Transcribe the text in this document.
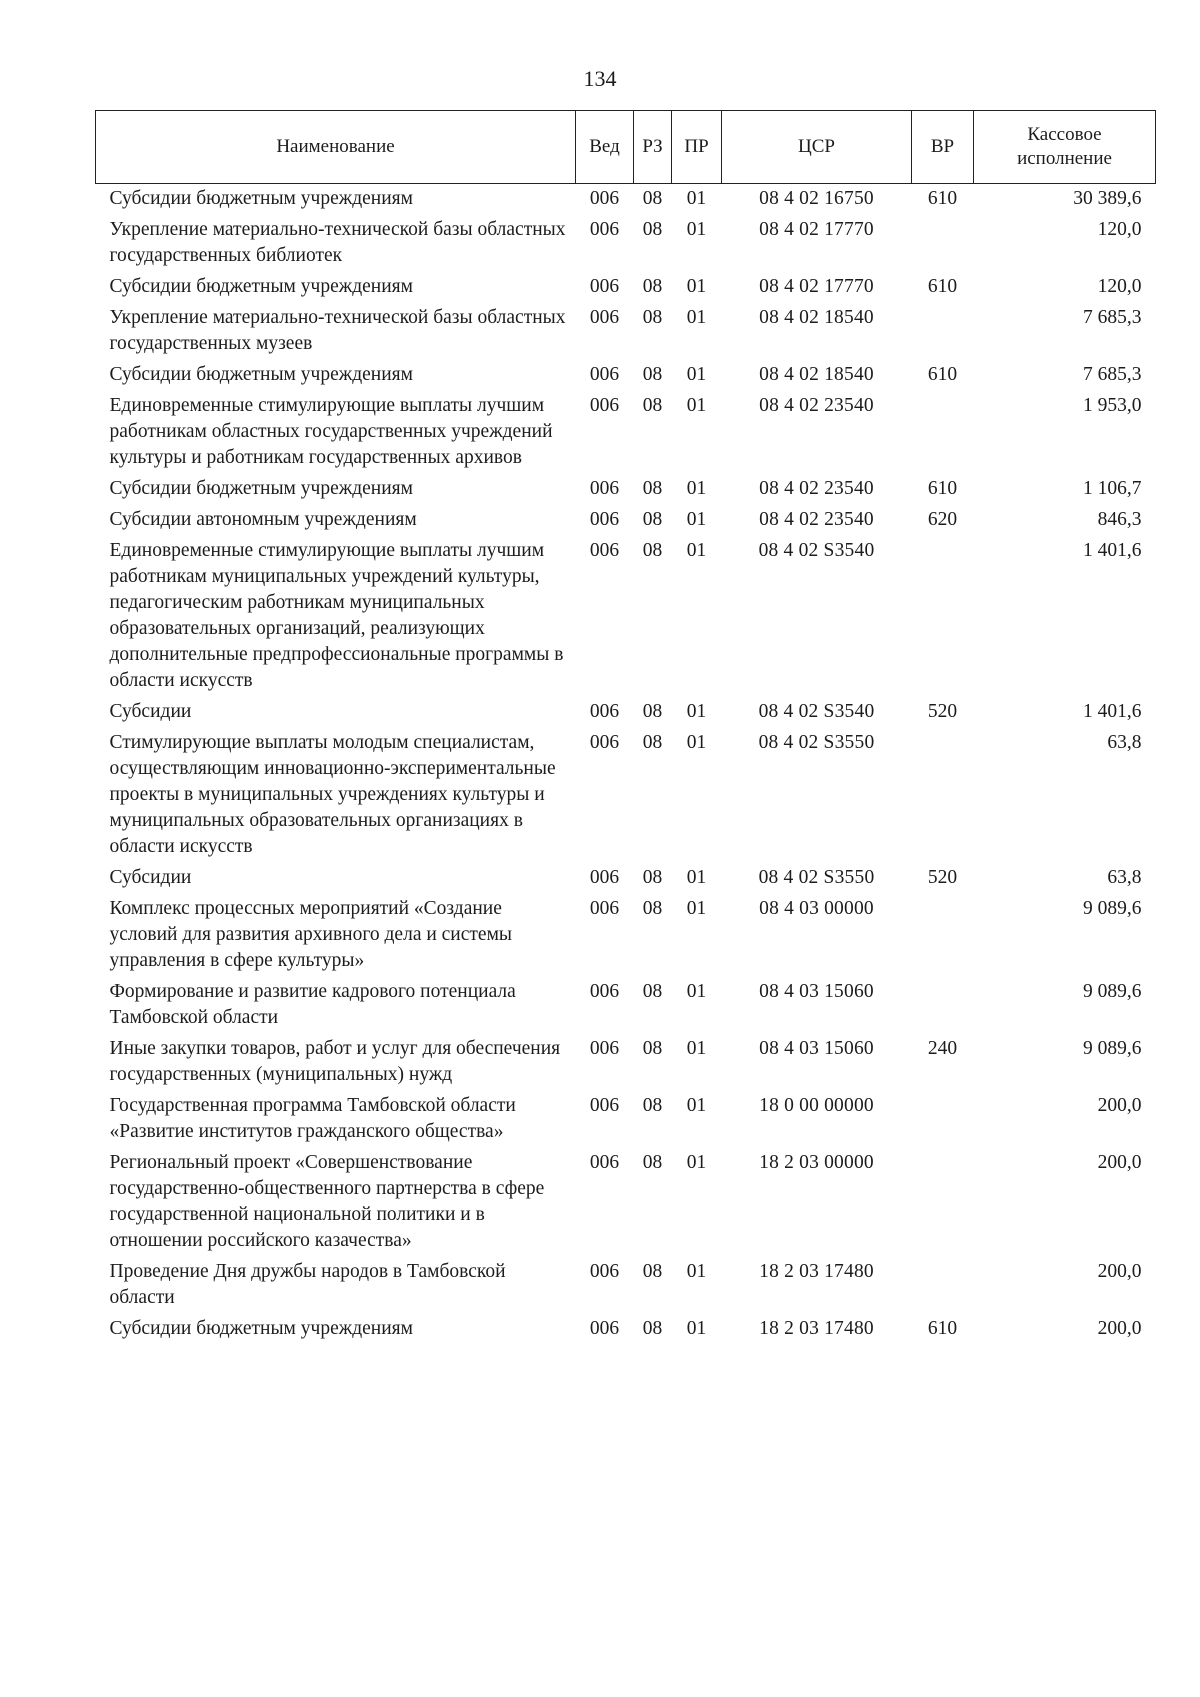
134
Наименование	Вед	РЗ	ПР	ЦСР	ВР	Кассовое исполнение
Субсидии бюджетным учреждениям	006	08	01	08 4 02 16750	610	30 389,6
Укрепление материально-технической базы областных государственных библиотек	006	08	01	08 4 02 17770		120,0
Субсидии бюджетным учреждениям	006	08	01	08 4 02 17770	610	120,0
Укрепление материально-технической базы областных государственных музеев	006	08	01	08 4 02 18540		7 685,3
Субсидии бюджетным учреждениям	006	08	01	08 4 02 18540	610	7 685,3
Единовременные стимулирующие выплаты лучшим работникам областных государственных учреждений культуры и работникам государственных архивов	006	08	01	08 4 02 23540		1 953,0
Субсидии бюджетным учреждениям	006	08	01	08 4 02 23540	610	1 106,7
Субсидии автономным учреждениям	006	08	01	08 4 02 23540	620	846,3
Единовременные стимулирующие выплаты лучшим работникам муниципальных учреждений культуры, педагогическим работникам муниципальных образовательных организаций, реализующих дополнительные предпрофессиональные программы в области искусств	006	08	01	08 4 02 S3540		1 401,6
Субсидии	006	08	01	08 4 02 S3540	520	1 401,6
Стимулирующие выплаты молодым специалистам, осуществляющим инновационно-экспериментальные проекты в муниципальных учреждениях культуры и муниципальных образовательных организациях в области искусств	006	08	01	08 4 02 S3550		63,8
Субсидии	006	08	01	08 4 02 S3550	520	63,8
Комплекс процессных мероприятий «Создание условий для развития архивного дела и системы управления в сфере культуры»	006	08	01	08 4 03 00000		9 089,6
Формирование и развитие кадрового потенциала Тамбовской области	006	08	01	08 4 03 15060		9 089,6
Иные закупки товаров, работ и услуг для обеспечения государственных (муниципальных) нужд	006	08	01	08 4 03 15060	240	9 089,6
Государственная программа Тамбовской области «Развитие институтов гражданского общества»	006	08	01	18 0 00 00000		200,0
Региональный проект «Совершенствование государственно-общественного партнерства в сфере государственной национальной политики и в отношении российского казачества»	006	08	01	18 2 03 00000		200,0
Проведение Дня дружбы народов в Тамбовской области	006	08	01	18 2 03 17480		200,0
Субсидии бюджетным учреждениям	006	08	01	18 2 03 17480	610	200,0
